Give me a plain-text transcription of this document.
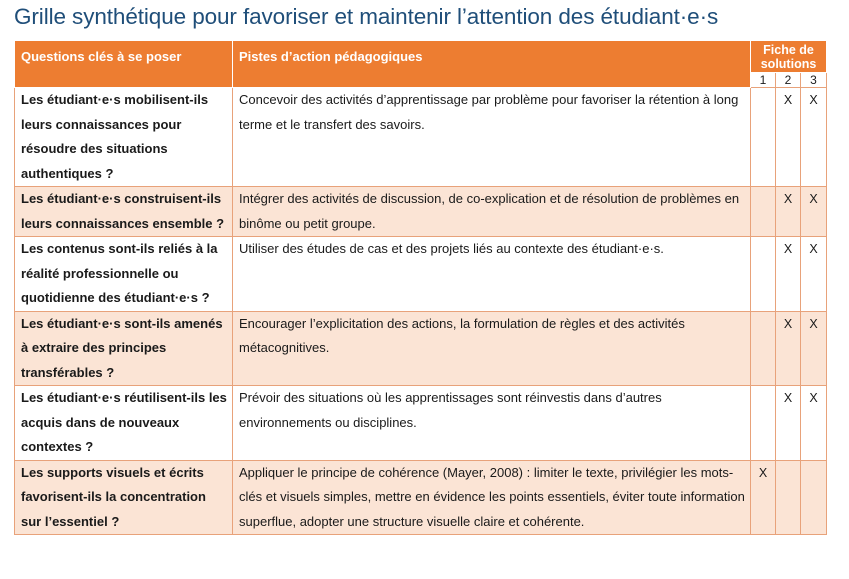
Grille synthétique pour favoriser et maintenir l’attention des étudiant·e·s
Questions clés à se poser	Pistes d’action pédagogiques	Fiche de
solutions		
		1	2	3
Les étudiant·e·s mobilisent-ils leurs connaissances pour résoudre des situations authentiques ?	Concevoir des activités d’apprentissage par problème pour favoriser la rétention à long terme et le transfert des savoirs.		X	X
Les étudiant·e·s construisent-ils leurs connaissances ensemble ?	Intégrer des activités de discussion, de co-explication et de résolution de problèmes en binôme ou petit groupe.		X	X
Les contenus sont-ils reliés à la réalité professionnelle ou quotidienne des étudiant·e·s ?	Utiliser des études de cas et des projets liés au contexte des étudiant·e·s.		X	X
Les étudiant·e·s sont-ils amenés à extraire des principes transférables ?	Encourager l’explicitation des actions, la formulation de règles et des activités métacognitives.		X	X
Les étudiant·e·s réutilisent-ils les acquis dans de nouveaux contextes ?	Prévoir des situations où les apprentissages sont réinvestis dans d’autres environnements ou disciplines.		X	X
Les supports visuels et écrits favorisent-ils la concentration sur l’essentiel ?	Appliquer le principe de cohérence (Mayer, 2008) : limiter le texte, privilégier les mots-clés et visuels simples, mettre en évidence les points essentiels, éviter toute information superflue, adopter une structure visuelle claire et cohérente.	X		
